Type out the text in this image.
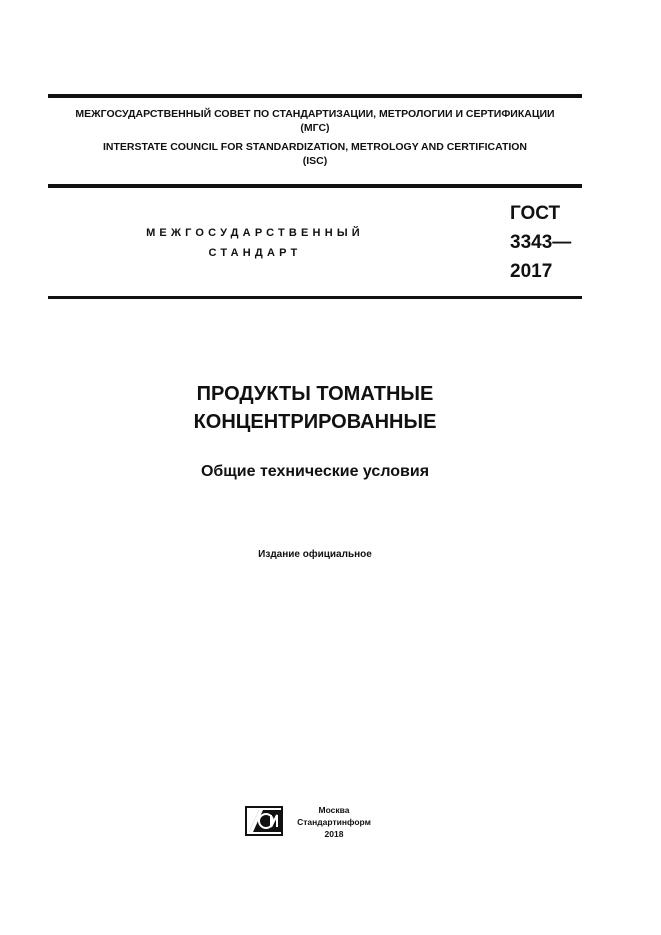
МЕЖГОСУДАРСТВЕННЫЙ СОВЕТ ПО СТАНДАРТИЗАЦИИ, МЕТРОЛОГИИ И СЕРТИФИКАЦИИ
(МГС)
INTERSTATE COUNCIL FOR STANDARDIZATION, METROLOGY AND CERTIFICATION
(ISC)
МЕЖГОСУДАРСТВЕННЫЙ
СТАНДАРТ
ГОСТ
3343—
2017
ПРОДУКТЫ ТОМАТНЫЕ
КОНЦЕНТРИРОВАННЫЕ
Общие технические условия
Издание официальное
Москва
Стандартинформ
2018
